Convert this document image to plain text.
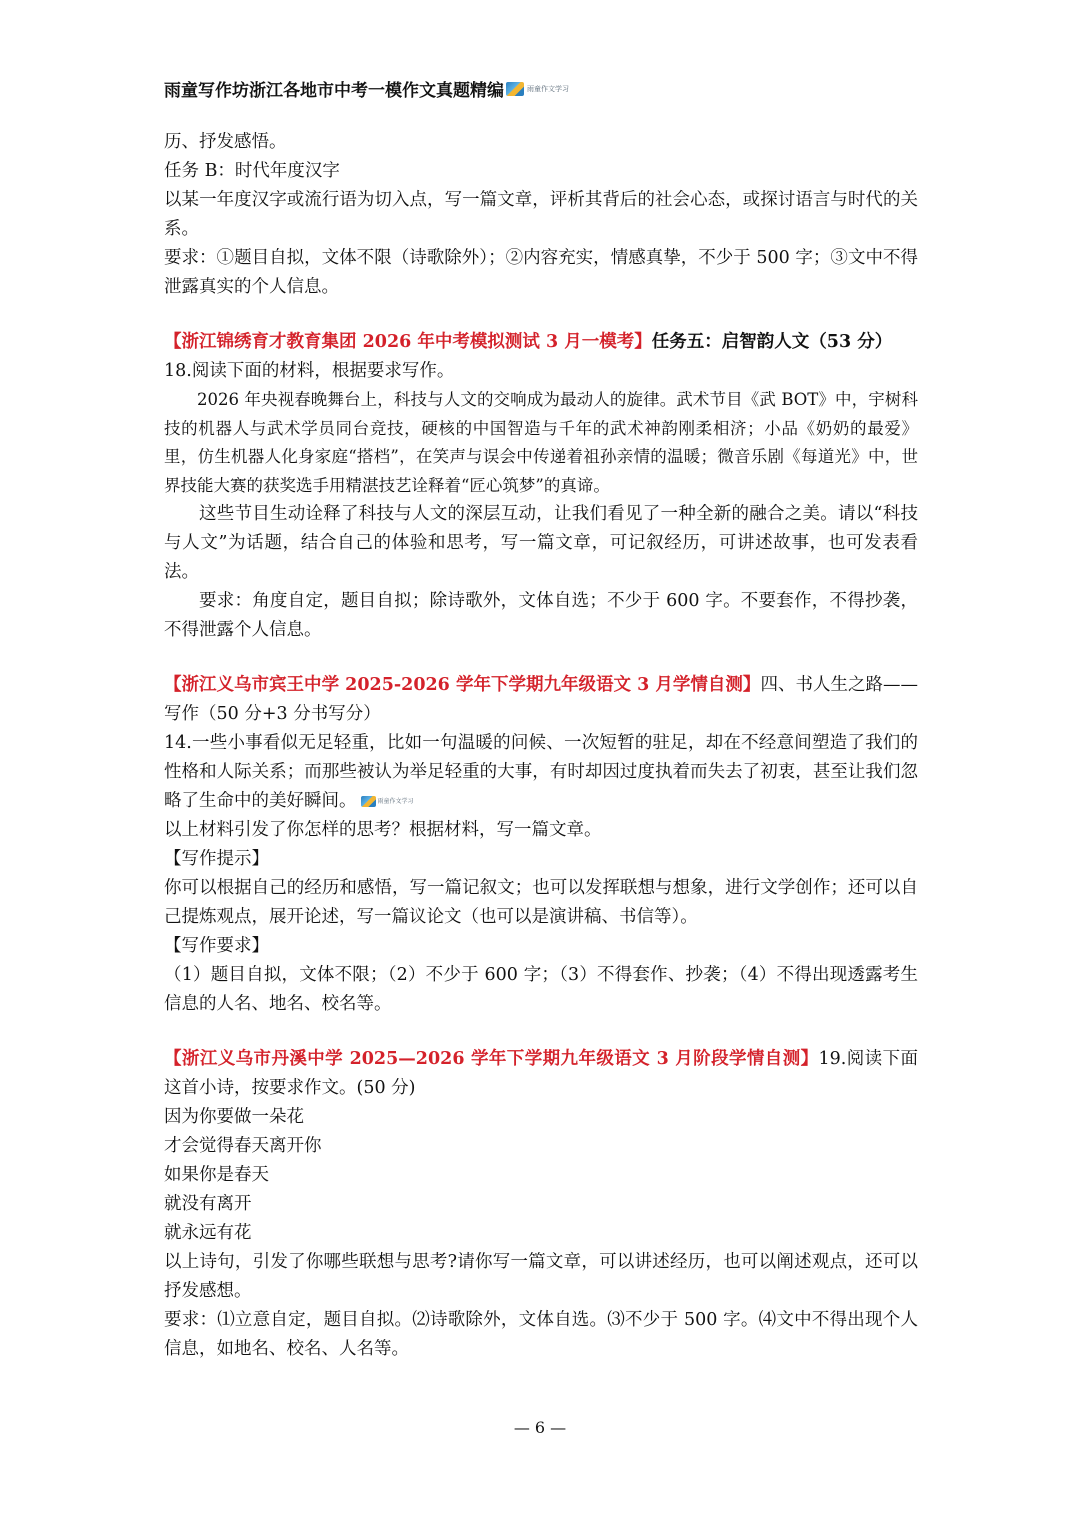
雨童写作坊浙江各地市中考一模作文真题精编	雨童作文学习

历、抒发感悟。

任务 B：时代年度汉字

以某一年度汉字或流行语为切入点，写一篇文章，评析其背后的社会心态，或探讨语言与时代的关系。

要求：①题目自拟，文体不限（诗歌除外）；②内容充实，情感真挚，不少于 500 字；③文中不得泄露真实的个人信息。

【浙江锦绣育才教育集团 2026 年中考模拟测试 3 月一模考】任务五：启智韵人文（53 分）

18.阅读下面的材料，根据要求写作。

2026 年央视春晚舞台上，科技与人文的交响成为最动人的旋律。武术节目《武 BOT》中，宇树科技的机器人与武术学员同台竞技，硬核的中国智造与千年的武术神韵刚柔相济；小品《奶奶的最爱》里，仿生机器人化身家庭“搭档”，在笑声与误会中传递着祖孙亲情的温暖；微音乐剧《每道光》中，世界技能大赛的获奖选手用精湛技艺诠释着“匠心筑梦”的真谛。

这些节目生动诠释了科技与人文的深层互动，让我们看见了一种全新的融合之美。请以“科技与人文”为话题，结合自己的体验和思考，写一篇文章，可记叙经历，可讲述故事，也可发表看法。

要求：角度自定，题目自拟；除诗歌外，文体自选；不少于 600 字。不要套作，不得抄袭，不得泄露个人信息。

【浙江义乌市宾王中学 2025-2026 学年下学期九年级语文 3 月学情自测】四、书人生之路——写作（50 分+3 分书写分）

14.一些小事看似无足轻重，比如一句温暖的问候、一次短暂的驻足，却在不经意间塑造了我们的性格和人际关系；而那些被认为举足轻重的大事，有时却因过度执着而失去了初衷，甚至让我们忽略了生命中的美好瞬间。	雨童作文学习

以上材料引发了你怎样的思考？根据材料，写一篇文章。

【写作提示】

你可以根据自己的经历和感悟，写一篇记叙文；也可以发挥联想与想象，进行文学创作；还可以自己提炼观点，展开论述，写一篇议论文（也可以是演讲稿、书信等）。

【写作要求】

（1）题目自拟，文体不限；（2）不少于 600 字；（3）不得套作、抄袭；（4）不得出现透露考生信息的人名、地名、校名等。

【浙江义乌市丹溪中学 2025—2026 学年下学期九年级语文 3 月阶段学情自测】19.阅读下面这首小诗，按要求作文。(50 分)

因为你要做一朵花

才会觉得春天离开你

如果你是春天

就没有离开

就永远有花

以上诗句，引发了你哪些联想与思考?请你写一篇文章，可以讲述经历，也可以阐述观点，还可以抒发感想。

要求：⑴立意自定，题目自拟。⑵诗歌除外，文体自选。⑶不少于 500 字。⑷文中不得出现个人信息，如地名、校名、人名等。

— 6 —
